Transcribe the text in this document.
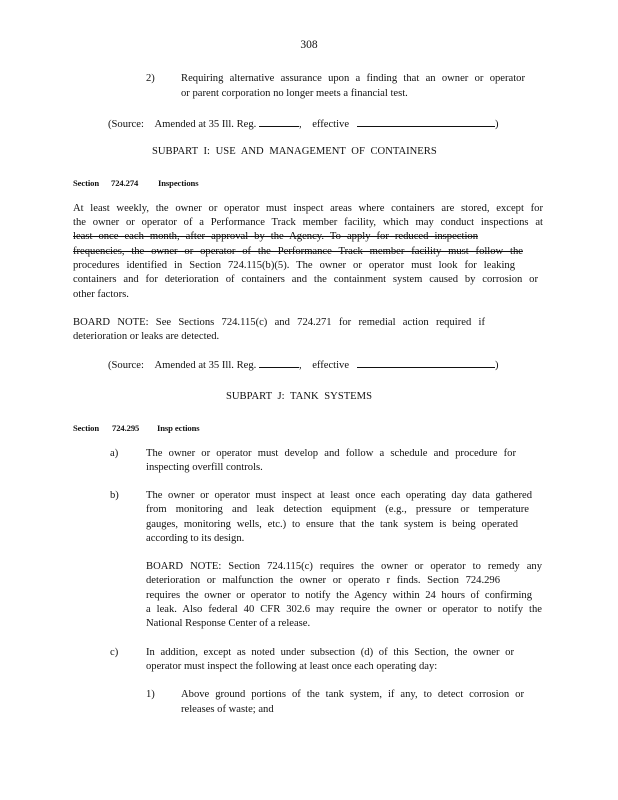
308
2) Requiring alternative assurance upon a finding that an owner or operator
or parent corporation no longer meets a financial test.
(Source: Amended at 35 Ill. Reg.	, effective	)
SUBPART I: USE AND MANAGEMENT OF CONTAINERS
Section 724.274 Inspections
At least weekly, the owner or operator must inspect areas where containers are stored, except for
the owner or operator of a Performance Track member facility, which may conduct inspections at
least once each month, after approval by the Agency. To apply for reduced inspection
frequencies, the owner or operator of the Performance Track member facility must follow the
procedures identified in Section 724.115(b)(5). The owner or operator must look for leaking
containers and for deterioration of containers and the containment system caused by corrosion or
other factors.
BOARD NOTE: See Sections 724.115(c) and 724.271 for remedial action required if
deterioration or leaks are detected.
(Source: Amended at 35 Ill. Reg.	, effective	)
SUBPART J: TANK SYSTEMS
Section 724.295 Insp ections
a)	The owner or operator must develop and follow a schedule and procedure for
inspecting overfill controls.
b)	The owner or operator must inspect at least once each operating day data gathered
from monitoring and leak detection equipment (e.g., pressure or temperature
gauges, monitoring wells, etc.) to ensure that the tank system is being operated
according to its design.
BOARD NOTE: Section 724.115(c) requires the owner or operator to remedy any
deterioration or malfunction the owner or operato r finds. Section 724.296
requires the owner or operator to notify the Agency within 24 hours of confirming
a leak. Also federal 40 CFR 302.6 may require the owner or operator to notify the
National Response Center of a release.
c)	In addition, except as noted under subsection (d) of this Section, the owner or
operator must inspect the following at least once each operating day:
1) Above ground portions of the tank system, if any, to detect corrosion or
releases of waste; and
